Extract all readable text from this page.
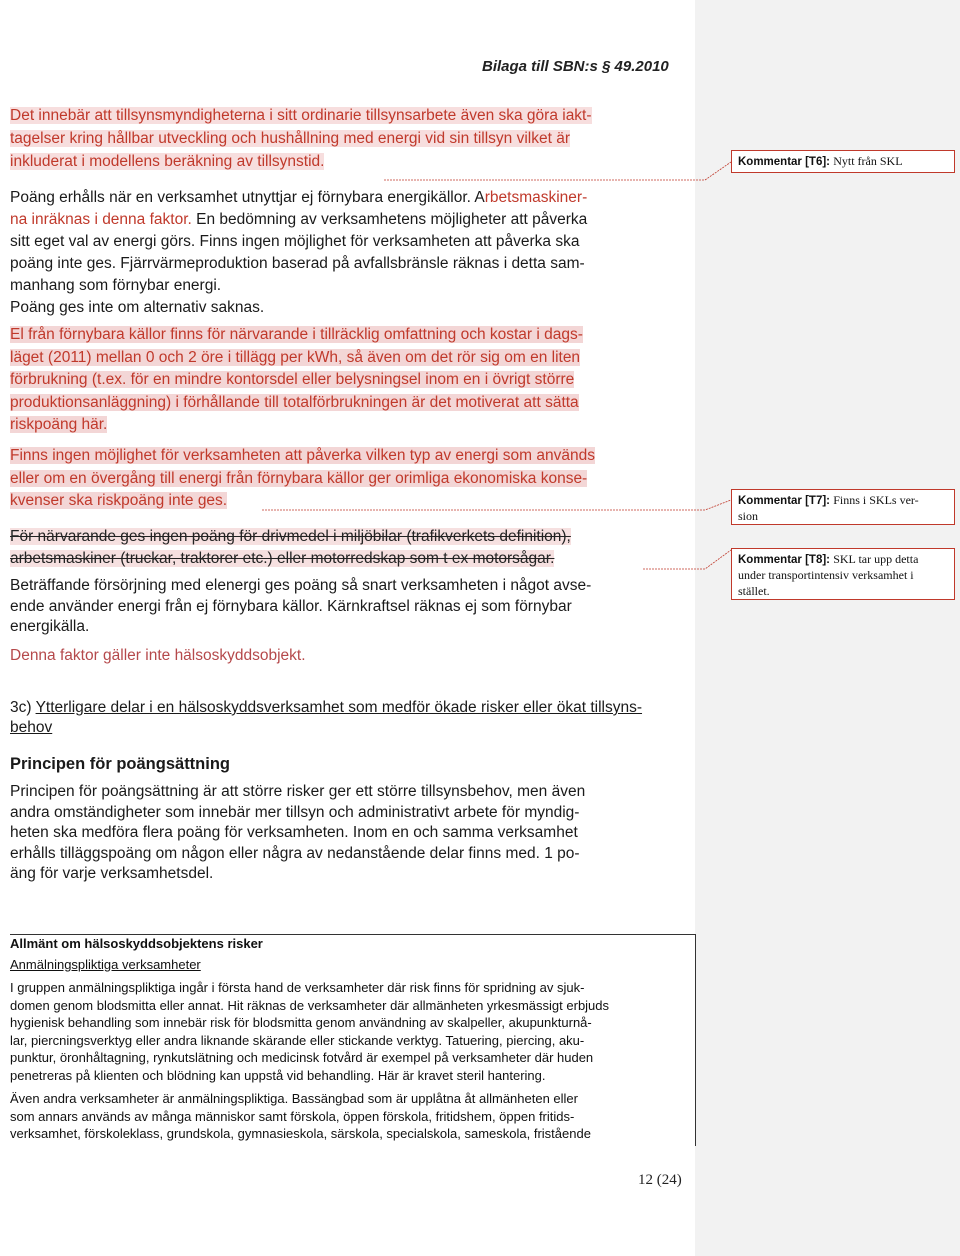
Bilaga till SBN:s § 49.2010
Det innebär att tillsynsmyndigheterna i sitt ordinarie tillsynsarbete även ska göra iakt-
tagelser kring hållbar utveckling och hushållning med energi vid sin tillsyn vilket är
inkluderat i modellens beräkning av tillsynstid.
Poäng erhålls när en verksamhet utnyttjar ej förnybara energikällor. Arbetsmaskiner-
na inräknas i denna faktor. En bedömning av verksamhetens möjligheter att påverka
sitt eget val av energi görs. Finns ingen möjlighet för verksamheten att påverka ska
poäng inte ges. Fjärrvärmeproduktion baserad på avfallsbränsle räknas i detta sam-
manhang som förnybar energi.
Poäng ges inte om alternativ saknas.
El från förnybara källor finns för närvarande i tillräcklig omfattning och kostar i dags-
läget (2011) mellan 0 och 2 öre i tillägg per kWh, så även om det rör sig om en liten
förbrukning (t.ex. för en mindre kontorsdel eller belysningsel inom en i övrigt större
produktionsanläggning) i förhållande till totalförbrukningen är det motiverat att sätta
riskpoäng här.
Finns ingen möjlighet för verksamheten att påverka vilken typ av energi som används
eller om en övergång till energi från förnybara källor ger orimliga ekonomiska konse-
kvenser ska riskpoäng inte ges.
För närvarande ges ingen poäng för drivmedel i miljöbilar (trafikverkets definition),
arbetsmaskiner (truckar, traktorer etc.) eller motorredskap som t ex motorsågar.
Beträffande försörjning med elenergi ges poäng så snart verksamheten i något avse-
ende använder energi från ej förnybara källor. Kärnkraftsel räknas ej som förnybar
energikälla.
Denna faktor gäller inte hälsoskyddsobjekt.
3c) Ytterligare delar i en hälsoskyddsverksamhet som medför ökade risker eller ökat tillsyns-
behov
Principen för poängsättning
Principen för poängsättning är att större risker ger ett större tillsynsbehov, men även
andra omständigheter som innebär mer tillsyn och administrativt arbete för myndig-
heten ska medföra flera poäng för verksamheten. Inom en och samma verksamhet
erhålls tilläggspoäng om någon eller några av nedanstående delar finns med. 1 po-
äng för varje verksamhetsdel.
Allmänt om hälsoskyddsobjektens risker
Anmälningspliktiga verksamheter
I gruppen anmälningspliktiga ingår i första hand de verksamheter där risk finns för spridning av sjuk-
domen genom blodsmitta eller annat. Hit räknas de verksamheter där allmänheten yrkesmässigt erbjuds
hygienisk behandling som innebär risk för blodsmitta genom användning av skalpeller, akupunkturnå-
lar, piercningsverktyg eller andra liknande skärande eller stickande verktyg. Tatuering, piercing, aku-
punktur, öronhåltagning, rynkutslätning och medicinsk fotvård är exempel på verksamheter där huden
penetreras på klienten och blödning kan uppstå vid behandling. Här är kravet steril hantering.
Även andra verksamheter är anmälningspliktiga. Bassängbad som är upplåtna åt allmänheten eller
som annars används av många människor samt förskola, öppen förskola, fritidshem, öppen fritids-
verksamhet, förskoleklass, grundskola, gymnasieskola, särskola, specialskola, sameskola, fristående
Kommentar [T6]: Nytt från SKL
Kommentar [T7]: Finns i SKLs ver-
sion
Kommentar [T8]: SKL tar upp detta
under transportintensiv verksamhet i
stället.
12 (24)
